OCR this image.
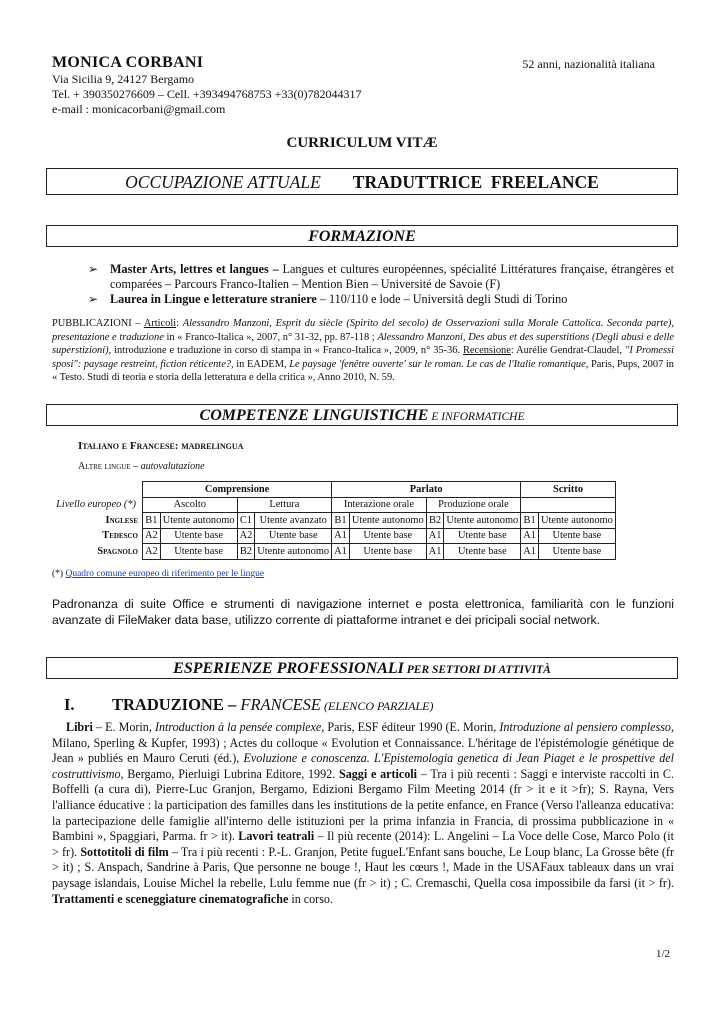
MONICA CORBANI	52 anni, nazionalità italiana
Via Sicilia 9, 24127 Bergamo
Tel. + 390350276609 – Cell. +393494768753 +33(0)782044317
e-mail : monicacorbani@gmail.com
CURRICULUM VITÆ
OCCUPAZIONE ATTUALE TRADUTTRICE  FREELANCE
FORMAZIONE
➢ Master Arts, lettres et langues – Langues et cultures européennes, spécialité Littératures française, étrangères et comparées – Parcours Franco-Italien – Mention Bien – Université de Savoie (F)
➢ Laurea in Lingue e letterature straniere – 110/110 e lode – Università degli Studi di Torino
PUBBLICAZIONI – Articoli: Alessandro Manzoni, Esprit du siècle (Spirito del secolo) de Osservazioni sulla Morale Cattolica. Seconda parte), presentazione e traduzione in « Franco-Italica », 2007, n° 31-32, pp. 87-118 ; Alessandro Manzoni, Des abus et des superstitions (Degli abusi e delle superstizioni), introduzione e traduzione in corso di stampa in « Franco-Italica », 2009, n° 35-36. Recensione: Aurélie Gendrat-Claudel, "I Promessi sposi": paysage restreint, fiction réticente?, in EADEM, Le paysage 'fenêtre ouverte' sur le roman. Le cas de l'Italie romantique, Paris, Pups, 2007 in « Testo. Studi di teoria e storia della letteratura e della critica », Anno 2010, N. 59.
COMPETENZE LINGUISTICHE E INFORMATICHE
Italiano e Francese: madrelingua
Altre lingue – autovalutazione
	Comprensione				Parlato				Scritto	
Livello europeo (*)	Ascolto		Lettura		Interazione orale		Produzione orale			
Inglese	B1	Utente autonomo	C1	Utente avanzato	B1	Utente autonomo	B2	Utente autonomo	B1	Utente autonomo
Tedesco	A2	Utente base	A2	Utente base	A1	Utente base	A1	Utente base	A1	Utente base
Spagnolo	A2	Utente base	B2	Utente autonomo	A1	Utente base	A1	Utente base	A1	Utente base
(*) Quadro comune europeo di riferimento per le lingue
Padronanza di suite Office e strumenti di navigazione internet e posta elettronica, familiarità con le funzioni avanzate di FileMaker data base, utilizzo corrente di piattaforme intranet e dei pricipali social network.
ESPERIENZE PROFESSIONALI PER SETTORI DI ATTIVITÀ
I. TRADUZIONE – FRANCESE (ELENCO PARZIALE)
Libri – E. Morin, Introduction à la pensée complexe, Paris, ESF éditeur 1990 (E. Morin, Introduzione al pensiero complesso, Milano, Sperling & Kupfer, 1993) ; Actes du colloque « Evolution et Connaissance. L'héritage de l'épistémologie génétique de Jean » publiés en Mauro Ceruti (éd.), Evoluzione e conoscenza. L'Epistemologia genetica di Jean Piaget e le prospettive del costruttivismo, Bergamo, Pierluigi Lubrina Editore, 1992. Saggi e articoli – Tra i più recenti : Saggi e interviste raccolti in C. Boffelli (a cura di), Pierre-Luc Granjon, Bergamo, Edizioni Bergamo Film Meeting 2014 (fr > it e it >fr); S. Rayna, Vers l'alliance éducative : la participation des familles dans les institutions de la petite enfance, en France (Verso l'alleanza educativa: la partecipazione delle famiglie all'interno delle istituzioni per la prima infanzia in Francia, di prossima pubblicazione in « Bambini », Spaggiari, Parma. fr > it). Lavori teatrali – Il più recente (2014): L. Angelini – La Voce delle Cose, Marco Polo (it > fr). Sottotitoli di film – Tra i più recenti : P.-L. Granjon, Petite fugueL'Enfant sans bouche, Le Loup blanc, La Grosse bête (fr > it) ; S. Anspach, Sandrine à Paris, Que personne ne bouge !, Haut les cœurs !, Made in the USAFaux tableaux dans un vrai paysage islandais, Louise Michel la rebelle, Lulu femme nue (fr > it) ; C. Cremaschi, Quella cosa impossibile da farsi (it > fr). Trattamenti e sceneggiature cinematografiche in corso.
1/2
